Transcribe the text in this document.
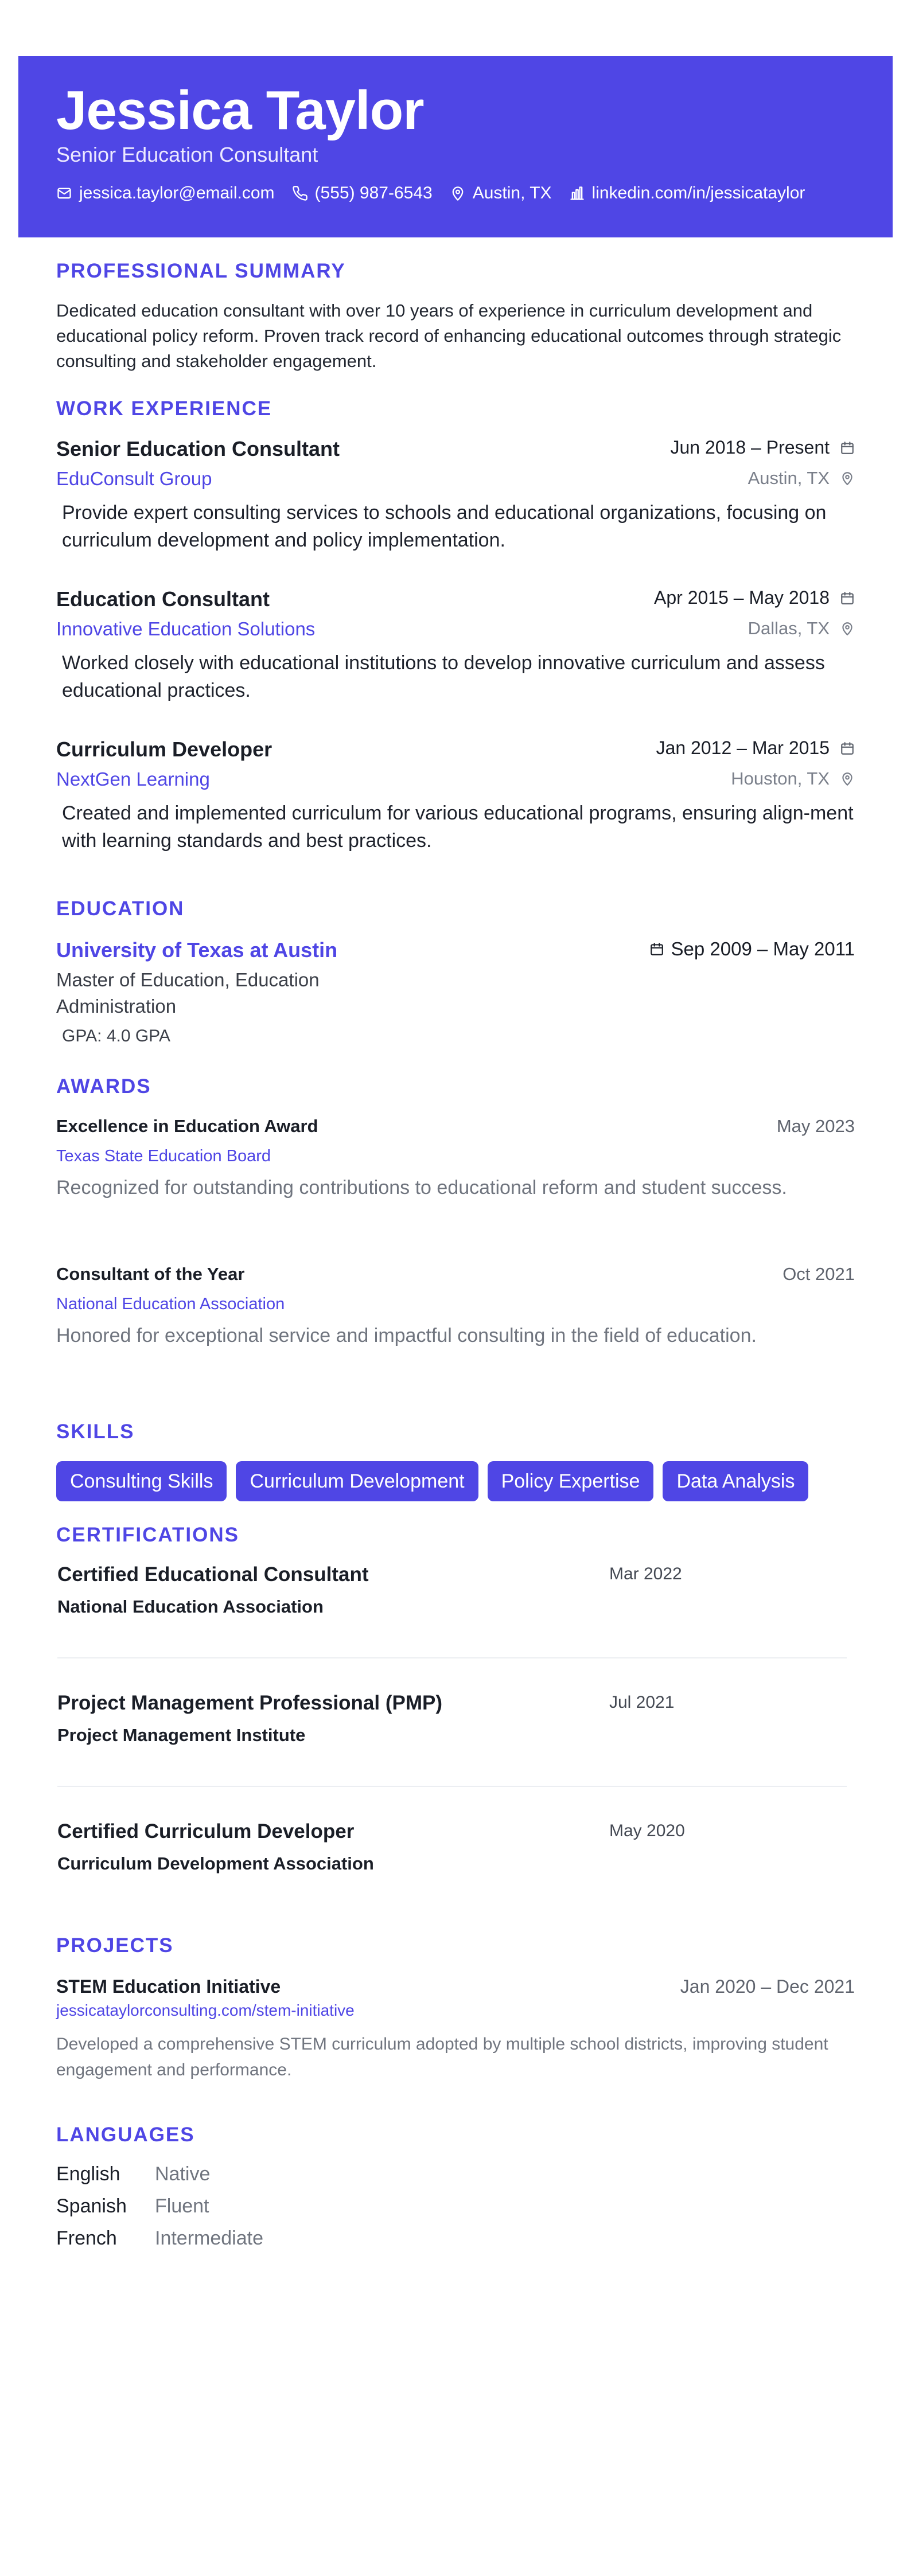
Jessica Taylor
Senior Education Consultant
jessica.taylor@email.com (555) 987-6543 Austin, TX linkedin.com/in/jessicataylor
PROFESSIONAL SUMMARY
Dedicated education consultant with over 10 years of experience in curriculum development and educational policy reform. Proven track record of enhancing educational outcomes through strategic consulting and stakeholder engagement.
WORK EXPERIENCE
Senior Education Consultant	Jun 2018 – Present
EduConsult Group	Austin, TX
Provide expert consulting services to schools and educational organizations, focusing on curriculum development and policy implementation.
Education Consultant	Apr 2015 – May 2018
Innovative Education Solutions	Dallas, TX
Worked closely with educational institutions to develop innovative curriculum and assess educational practices.
Curriculum Developer	Jan 2012 – Mar 2015
NextGen Learning	Houston, TX
Created and implemented curriculum for various educational programs, ensuring align-ment with learning standards and best practices.
EDUCATION
University of Texas at Austin	Sep 2009 – May 2011
Master of Education, Education Administration
GPA: 4.0 GPA
AWARDS
Excellence in Education Award	May 2023
Texas State Education Board
Recognized for outstanding contributions to educational reform and student success.
Consultant of the Year	Oct 2021
National Education Association
Honored for exceptional service and impactful consulting in the field of education.
SKILLS
Consulting Skills	Curriculum Development	Policy Expertise	Data Analysis
CERTIFICATIONS
Certified Educational Consultant	Mar 2022
National Education Association
Project Management Professional (PMP)	Jul 2021
Project Management Institute
Certified Curriculum Developer	May 2020
Curriculum Development Association
PROJECTS
STEM Education Initiative	Jan 2020 – Dec 2021
jessicataylorconsulting.com/stem-initiative
Developed a comprehensive STEM curriculum adopted by multiple school districts, improving student engagement and performance.
LANGUAGES
English	Native
Spanish	Fluent
French	Intermediate
